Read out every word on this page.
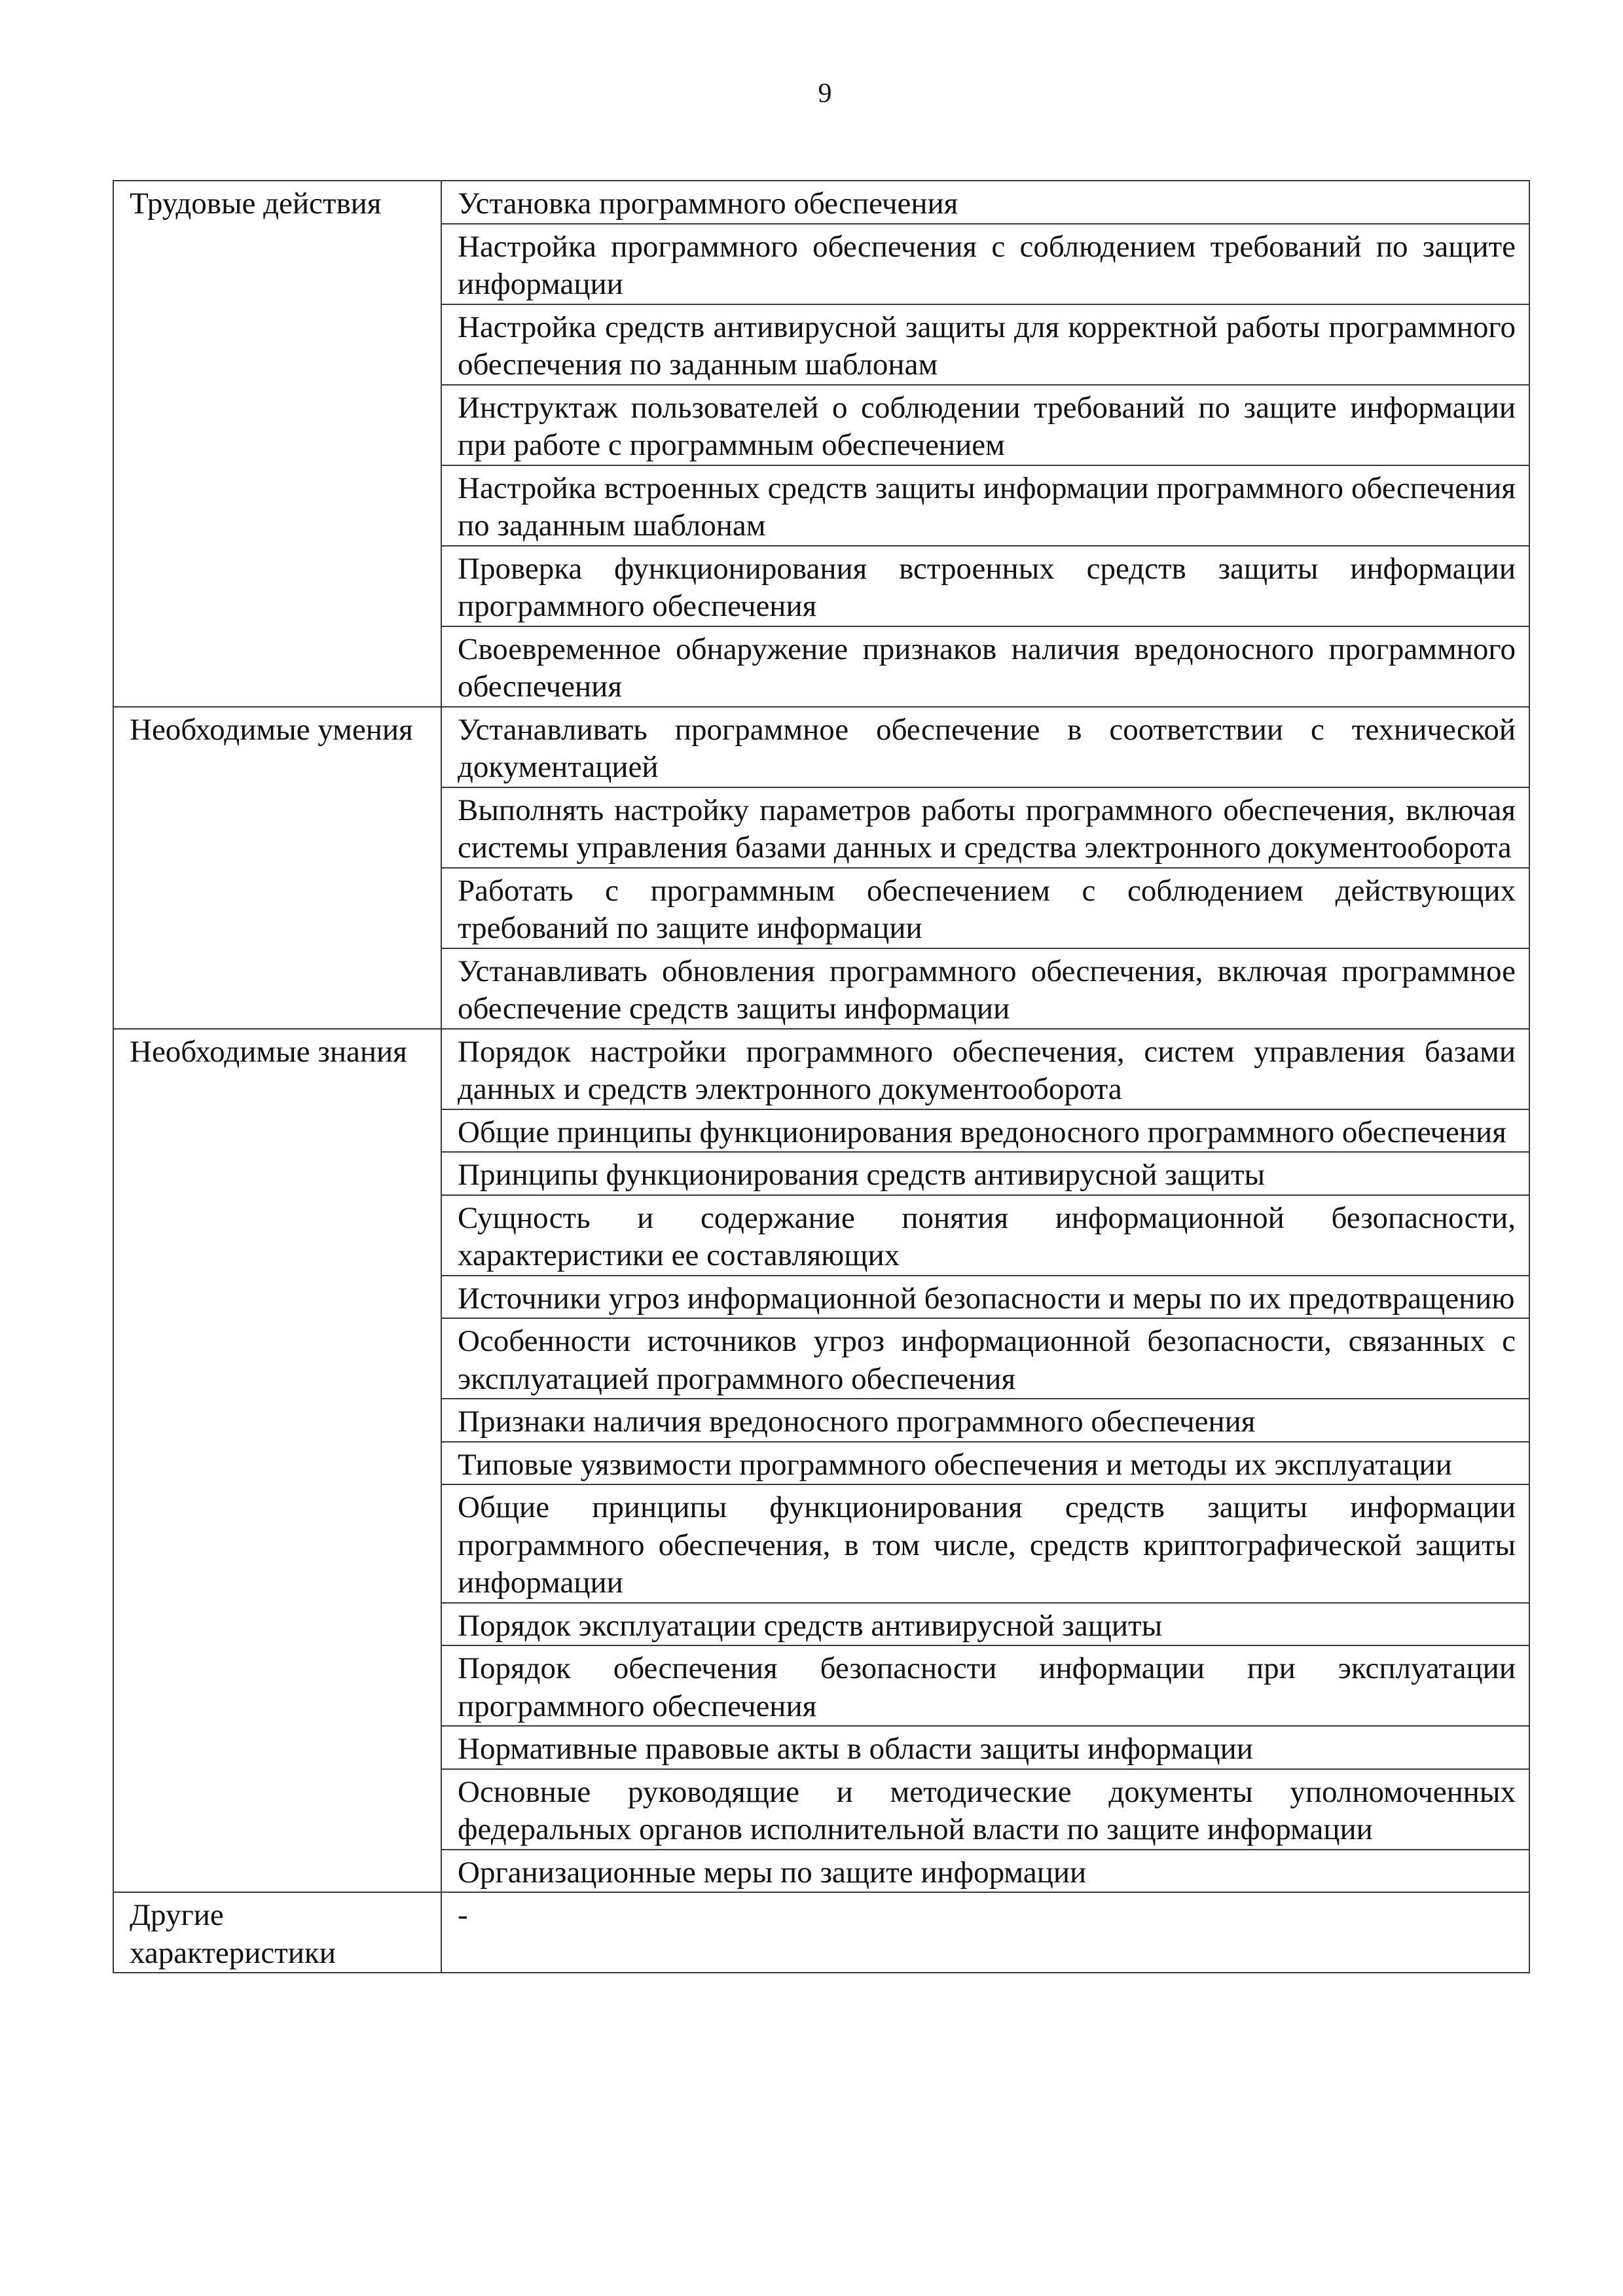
9
Трудовые действия	Установка программного обеспечения
	Настройка программного обеспечения с соблюдением требований по защите информации
	Настройка средств антивирусной защиты для корректной работы программного обеспечения по заданным шаблонам
	Инструктаж пользователей о соблюдении требований по защите информации при работе с программным обеспечением
	Настройка встроенных средств защиты информации программного обеспечения по заданным шаблонам
	Проверка функционирования встроенных средств защиты информации программного обеспечения
	Своевременное обнаружение признаков наличия вредоносного программного обеспечения
Необходимые умения	Устанавливать программное обеспечение в соответствии с технической документацией
	Выполнять настройку параметров работы программного обеспечения, включая системы управления базами данных и средства электронного документооборота
	Работать с программным обеспечением с соблюдением действующих требований по защите информации
	Устанавливать обновления программного обеспечения, включая программное обеспечение средств защиты информации
Необходимые знания	Порядок настройки программного обеспечения, систем управления базами данных и средств электронного документооборота
	Общие принципы функционирования вредоносного программного обеспечения
	Принципы функционирования средств антивирусной защиты
	Сущность и содержание понятия информационной безопасности, характеристики ее составляющих
	Источники угроз информационной безопасности и меры по их предотвращению
	Особенности источников угроз информационной безопасности, связанных с эксплуатацией программного обеспечения
	Признаки наличия вредоносного программного обеспечения
	Типовые уязвимости программного обеспечения и методы их эксплуатации
	Общие принципы функционирования средств защиты информации программного обеспечения, в том числе, средств криптографической защиты информации
	Порядок эксплуатации средств антивирусной защиты
	Порядок обеспечения безопасности информации при эксплуатации программного обеспечения
	Нормативные правовые акты в области защиты информации
	Основные руководящие и методические документы уполномоченных федеральных органов исполнительной власти по защите информации
	Организационные меры по защите информации
Другие характеристики	-
